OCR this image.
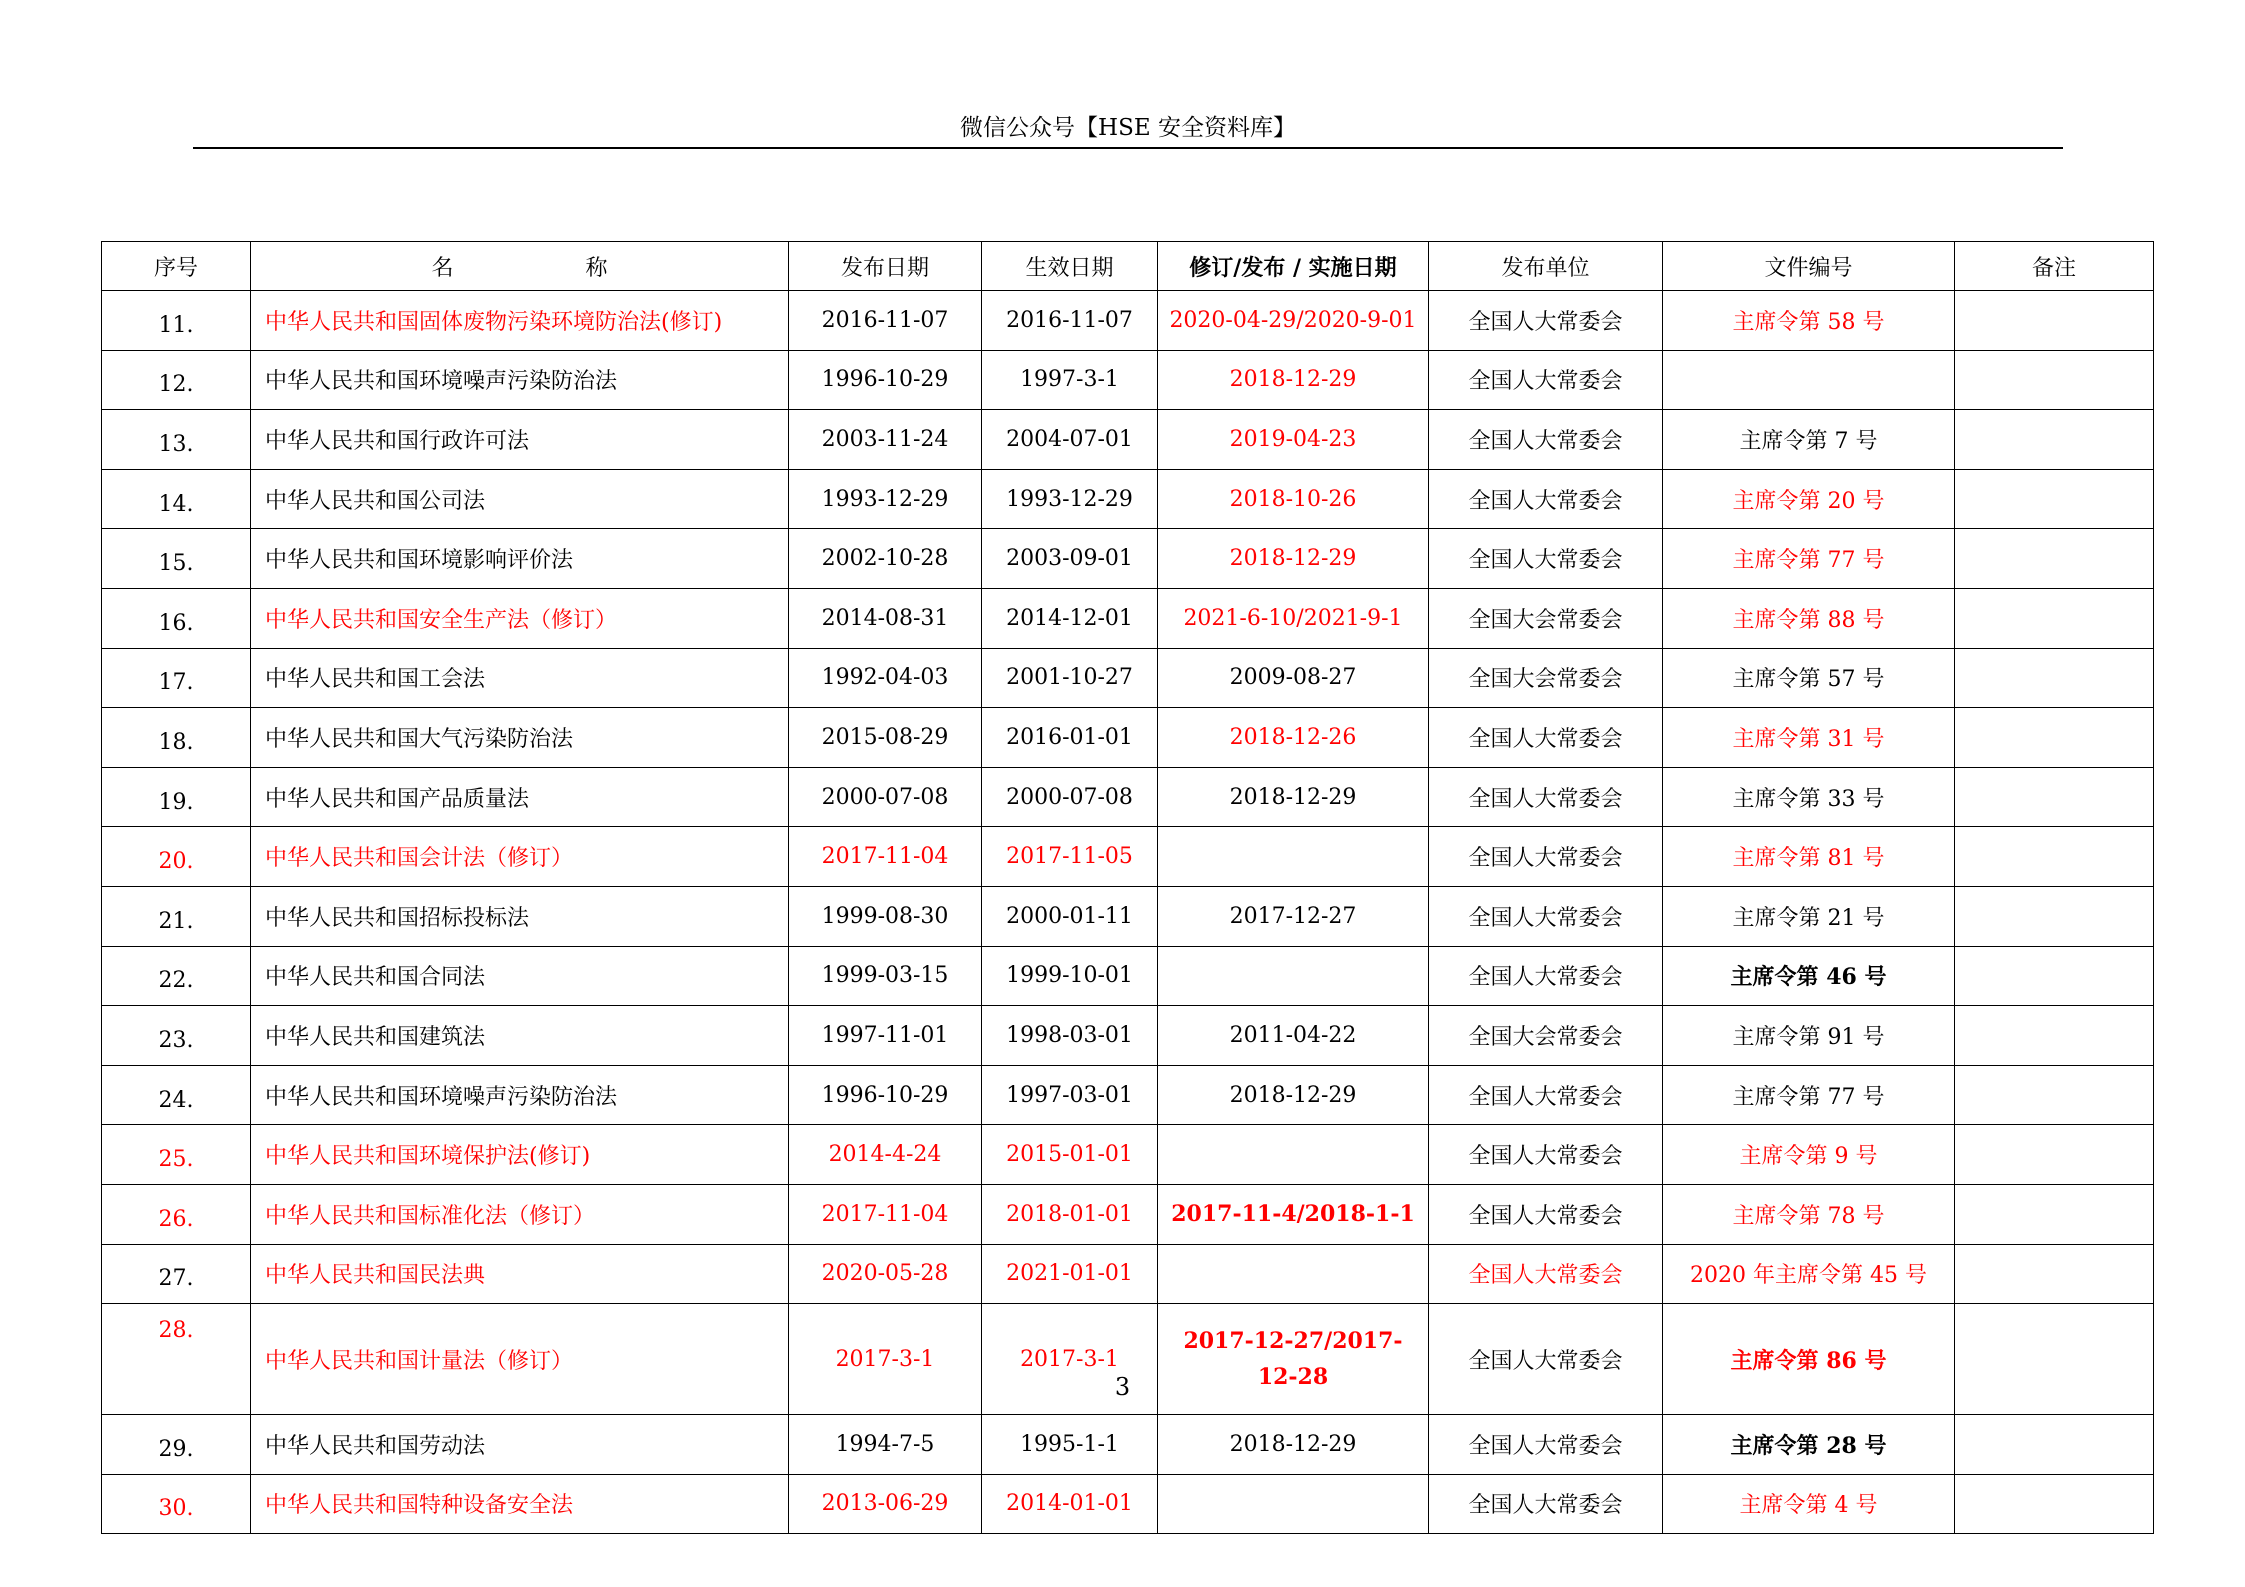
微信公众号【HSE 安全资料库】
序号	名　　　　　　称	发布日期	生效日期	修订/发布 / 实施日期	发布单位	文件编号	备注
11.	中华人民共和国固体废物污染环境防治法(修订)	2016-11-07	2016-11-07	2020-04-29/2020-9-01	全国人大常委会	主席令第 58 号	
12.	中华人民共和国环境噪声污染防治法	1996-10-29	1997-3-1	2018-12-29	全国人大常委会		
13.	中华人民共和国行政许可法	2003-11-24	2004-07-01	2019-04-23	全国人大常委会	主席令第 7 号	
14.	中华人民共和国公司法	1993-12-29	1993-12-29	2018-10-26	全国人大常委会	主席令第 20 号	
15.	中华人民共和国环境影响评价法	2002-10-28	2003-09-01	2018-12-29	全国人大常委会	主席令第 77 号	
16.	中华人民共和国安全生产法（修订）	2014-08-31	2014-12-01	2021-6-10/2021-9-1	全国大会常委会	主席令第 88 号	
17.	中华人民共和国工会法	1992-04-03	2001-10-27	2009-08-27	全国大会常委会	主席令第 57 号	
18.	中华人民共和国大气污染防治法	2015-08-29	2016-01-01	2018-12-26	全国人大常委会	主席令第 31 号	
19.	中华人民共和国产品质量法	2000-07-08	2000-07-08	2018-12-29	全国人大常委会	主席令第 33 号	
20.	中华人民共和国会计法（修订）	2017-11-04	2017-11-05		全国人大常委会	主席令第 81 号	
21.	中华人民共和国招标投标法	1999-08-30	2000-01-11	2017-12-27	全国人大常委会	主席令第 21 号	
22.	中华人民共和国合同法	1999-03-15	1999-10-01		全国人大常委会	主席令第 46 号	
23.	中华人民共和国建筑法	1997-11-01	1998-03-01	2011-04-22	全国大会常委会	主席令第 91 号	
24.	中华人民共和国环境噪声污染防治法	1996-10-29	1997-03-01	2018-12-29	全国人大常委会	主席令第 77 号	
25.	中华人民共和国环境保护法(修订)	2014-4-24	2015-01-01		全国人大常委会	主席令第 9 号	
26.	中华人民共和国标准化法（修订）	2017-11-04	2018-01-01	2017-11-4/2018-1-1	全国人大常委会	主席令第 78 号	
27.	中华人民共和国民法典	2020-05-28	2021-01-01		全国人大常委会	2020 年主席令第 45 号	
28.	中华人民共和国计量法（修订）	2017-3-1	2017-3-1	2017-12-27/2017-12-28	全国人大常委会	主席令第 86 号	
29.	中华人民共和国劳动法	1994-7-5	1995-1-1	2018-12-29	全国人大常委会	主席令第 28 号	
30.	中华人民共和国特种设备安全法	2013-06-29	2014-01-01		全国人大常委会	主席令第 4 号	
3
